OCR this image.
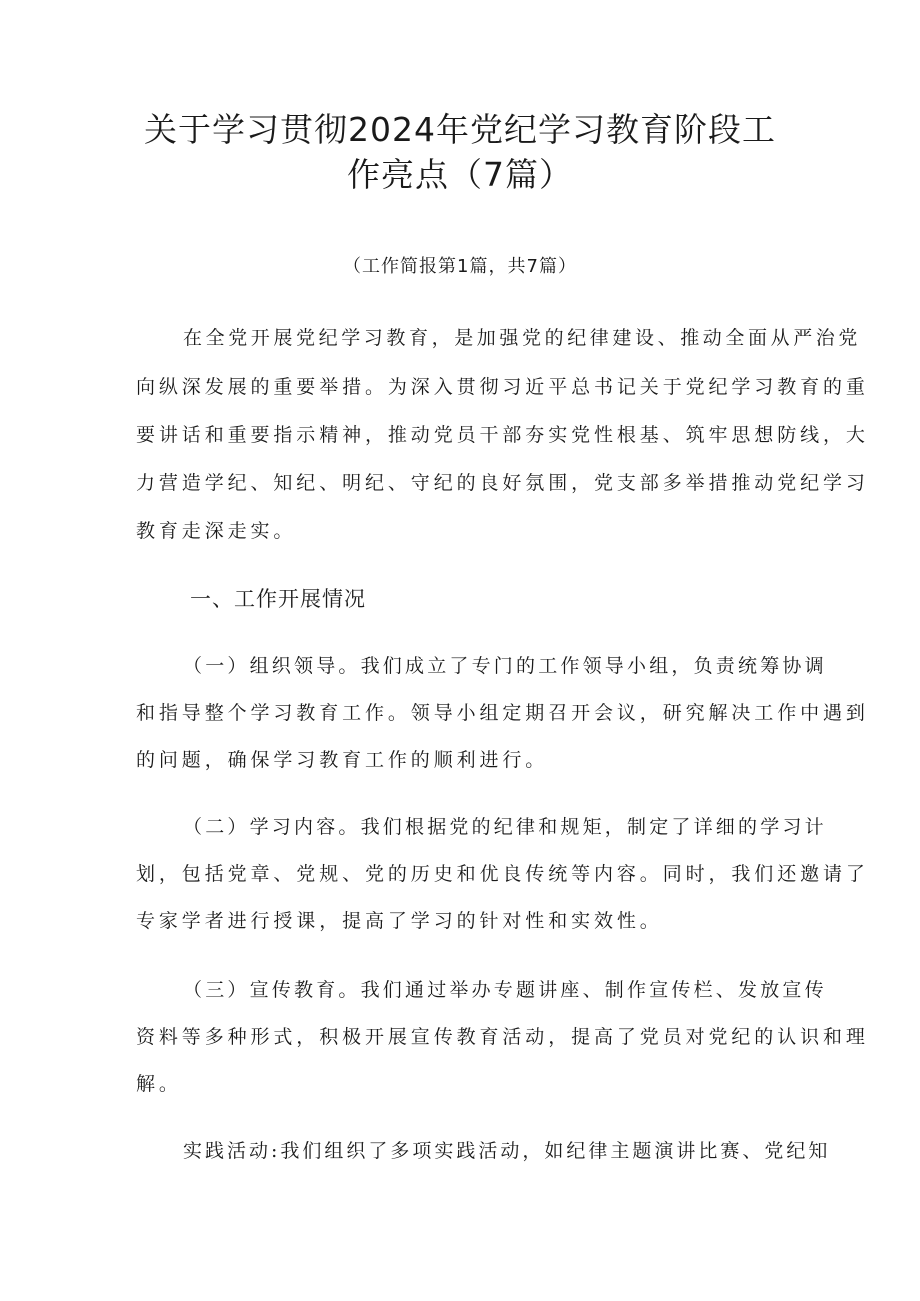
关于学习贯彻2024年党纪学习教育阶段工
作亮点（7篇）
（工作简报第1篇，共7篇）
在全党开展党纪学习教育，是加强党的纪律建设、推动全面从严治党
向纵深发展的重要举措。为深入贯彻习近平总书记关于党纪学习教育的重
要讲话和重要指示精神，推动党员干部夯实党性根基、筑牢思想防线，大
力营造学纪、知纪、明纪、守纪的良好氛围，党支部多举措推动党纪学习
教育走深走实。
一、工作开展情况
（一）组织领导。我们成立了专门的工作领导小组，负责统筹协调
和指导整个学习教育工作。领导小组定期召开会议，研究解决工作中遇到
的问题，确保学习教育工作的顺利进行。
（二）学习内容。我们根据党的纪律和规矩，制定了详细的学习计
划，包括党章、党规、党的历史和优良传统等内容。同时，我们还邀请了
专家学者进行授课，提高了学习的针对性和实效性。
（三）宣传教育。我们通过举办专题讲座、制作宣传栏、发放宣传
资料等多种形式，积极开展宣传教育活动，提高了党员对党纪的认识和理
解。
实践活动:我们组织了多项实践活动，如纪律主题演讲比赛、党纪知
